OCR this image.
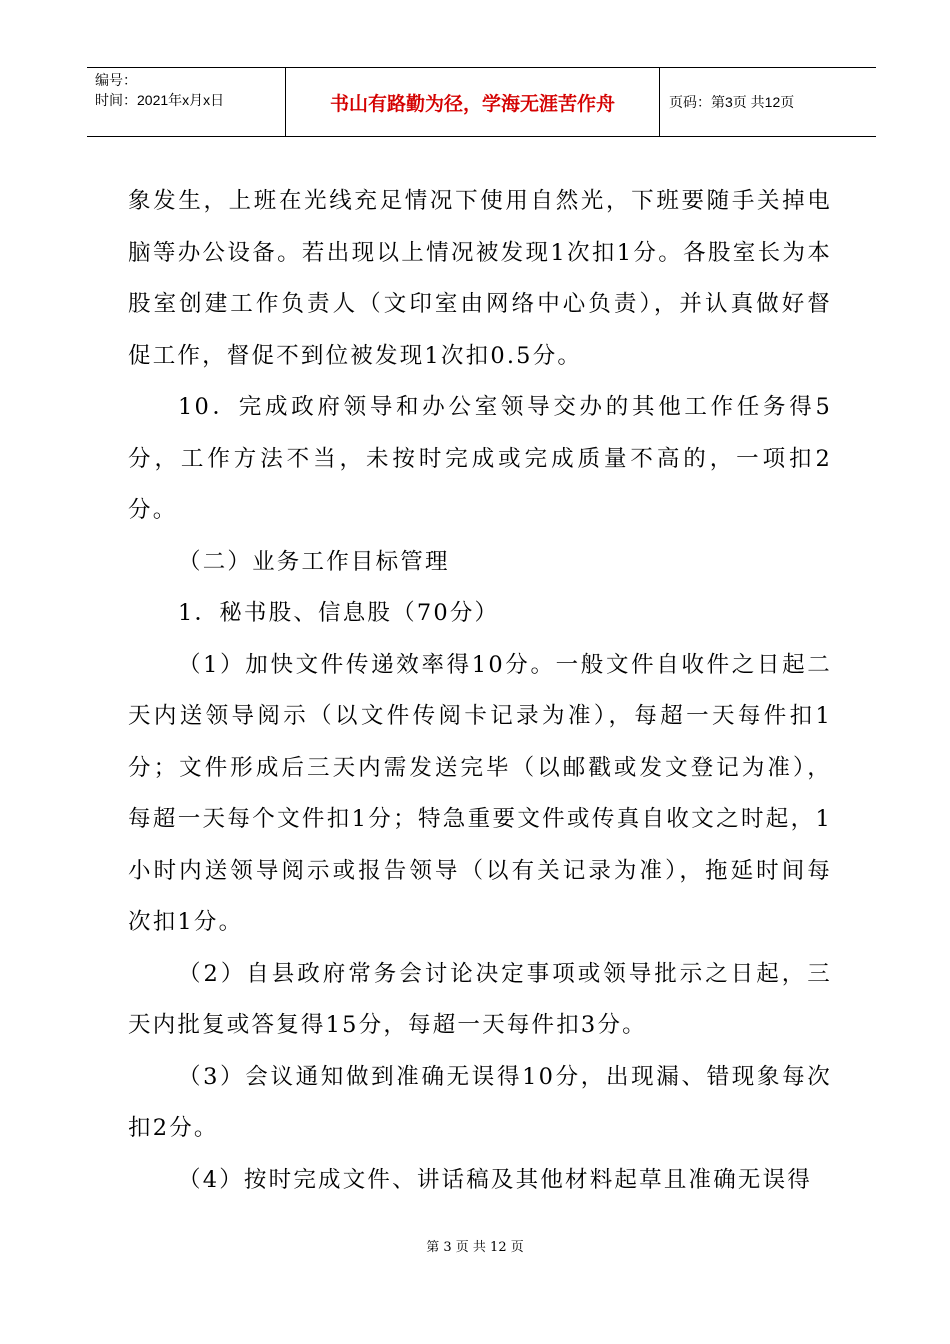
编号：
时间：2021年x月x日	书山有路勤为径，学海无涯苦作舟	页码：第3页 共12页

象发生，上班在光线充足情况下使用自然光，下班要随手关掉电脑等办公设备。若出现以上情况被发现1次扣1分。各股室长为本股室创建工作负责人（文印室由网络中心负责），并认真做好督促工作，督促不到位被发现1次扣0.5分。

10．完成政府领导和办公室领导交办的其他工作任务得5分，工作方法不当，未按时完成或完成质量不高的，一项扣2分。

（二）业务工作目标管理

1．秘书股、信息股（70分）

（1）加快文件传递效率得10分。一般文件自收件之日起二天内送领导阅示（以文件传阅卡记录为准），每超一天每件扣1分；文件形成后三天内需发送完毕（以邮戳或发文登记为准），每超一天每个文件扣1分；特急重要文件或传真自收文之时起，1小时内送领导阅示或报告领导（以有关记录为准），拖延时间每次扣1分。

（2）自县政府常务会讨论决定事项或领导批示之日起，三天内批复或答复得15分，每超一天每件扣3分。

（3）会议通知做到准确无误得10分，出现漏、错现象每次扣2分。

（4）按时完成文件、讲话稿及其他材料起草且准确无误得

第 3 页 共 12 页
